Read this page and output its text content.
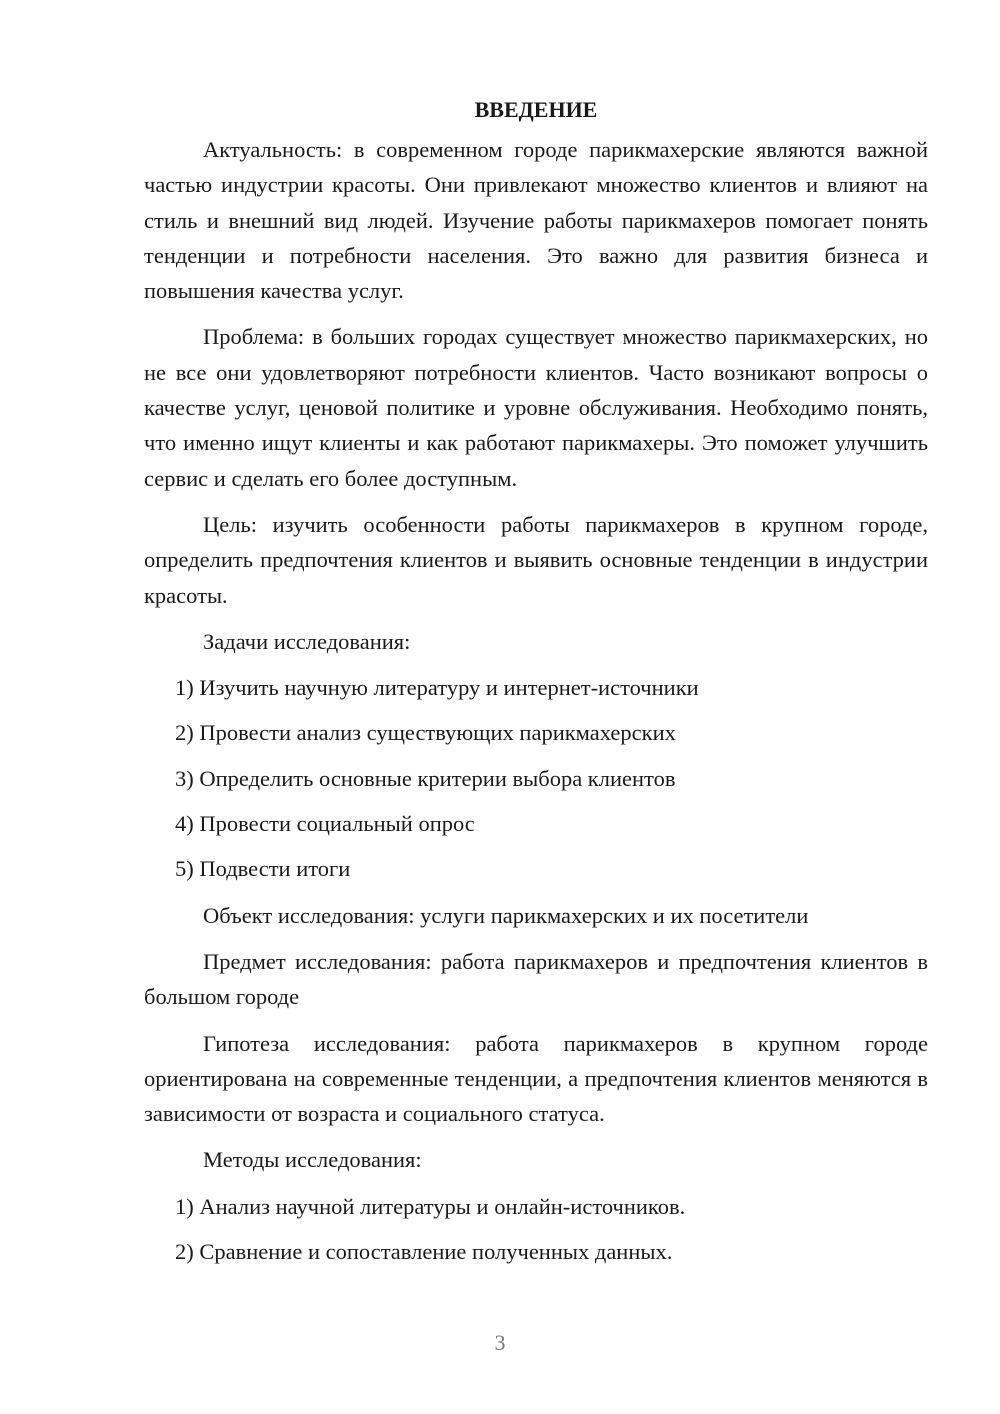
ВВЕДЕНИЕ

Актуальность: в современном городе парикмахерские являются важной частью индустрии красоты. Они привлекают множество клиентов и влияют на стиль и внешний вид людей. Изучение работы парикмахеров помогает понять тенденции и потребности населения. Это важно для развития бизнеса и повышения качества услуг.

Проблема: в больших городах существует множество парикмахерских, но не все они удовлетворяют потребности клиентов. Часто возникают вопросы о качестве услуг, ценовой политике и уровне обслуживания. Необходимо понять, что именно ищут клиенты и как работают парикмахеры. Это поможет улучшить сервис и сделать его более доступным.

Цель: изучить особенности работы парикмахеров в крупном городе, определить предпочтения клиентов и выявить основные тенденции в индустрии красоты.

Задачи исследования:

1) Изучить научную литературу и интернет-источники
2) Провести анализ существующих парикмахерских
3) Определить основные критерии выбора клиентов
4) Провести социальный опрос
5) Подвести итоги

Объект исследования: услуги парикмахерских и их посетители

Предмет исследования: работа парикмахеров и предпочтения клиентов в большом городе

Гипотеза исследования: работа парикмахеров в крупном городе ориентирована на современные тенденции, а предпочтения клиентов меняются в зависимости от возраста и социального статуса.

Методы исследования:

1) Анализ научной литературы и онлайн-источников.
2) Сравнение и сопоставление полученных данных.
3
